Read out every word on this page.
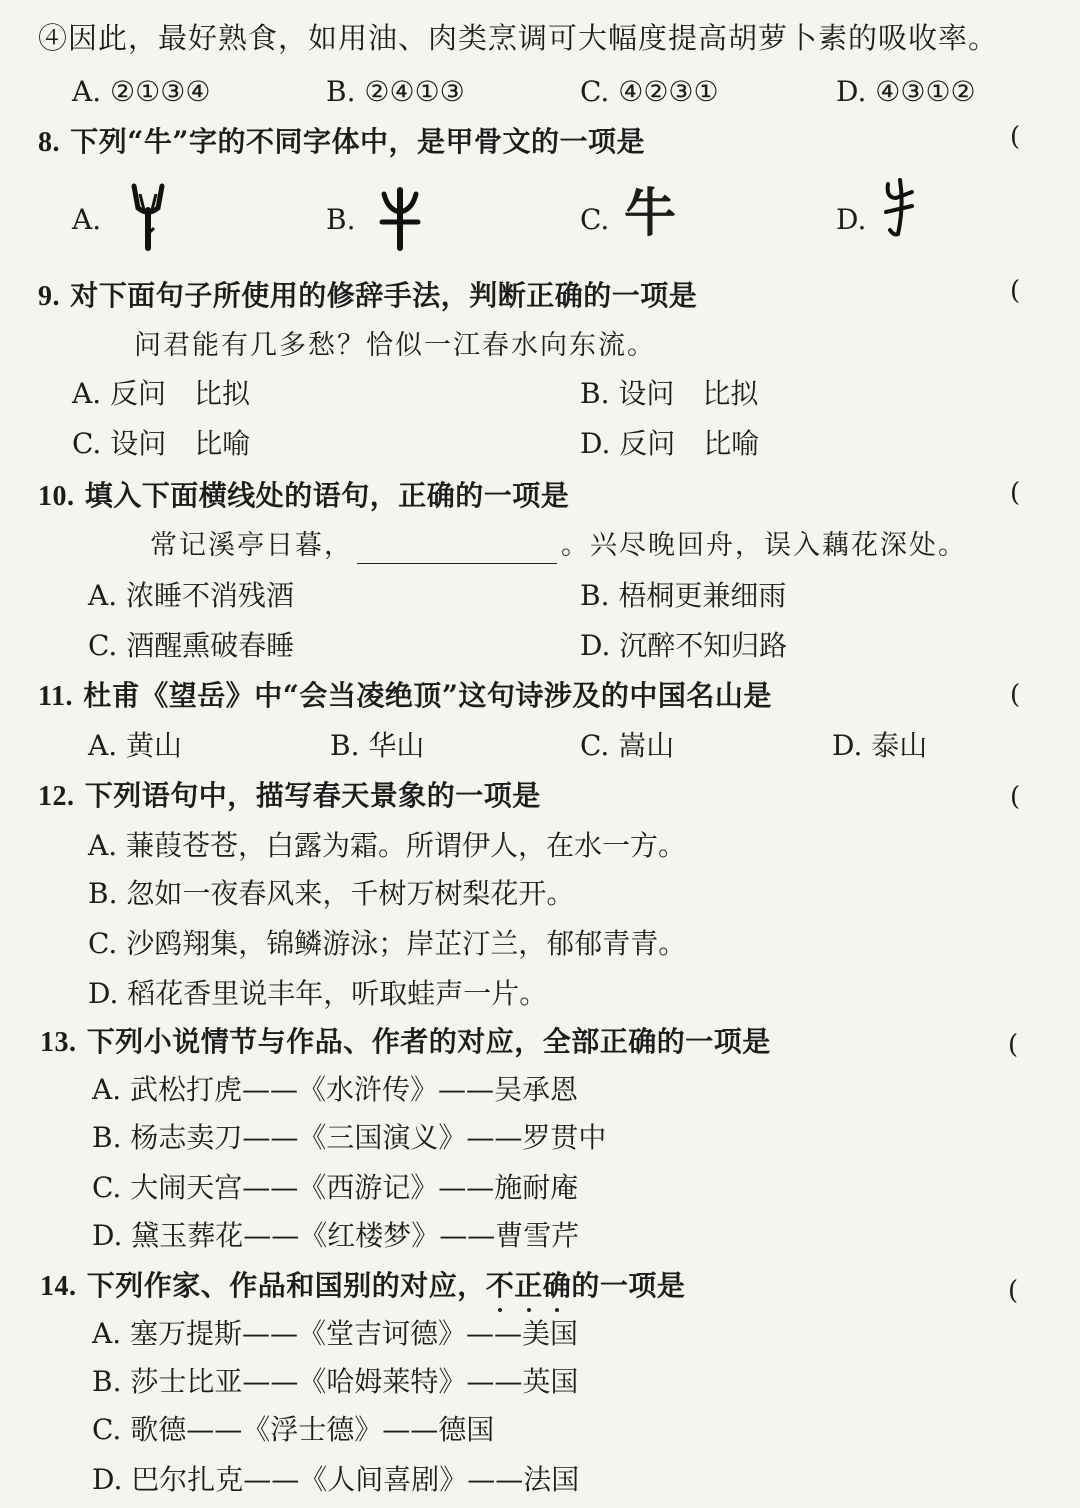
④因此，最好熟食，如用油、肉类烹调可大幅度提高胡萝卜素的吸收率。
A. ②①③④	B. ②④①③	C. ④②③①	D. ④③①②
8. 下列“牛”字的不同字体中，是甲骨文的一项是	(
A.	B.	C. 牛	D.
9. 对下面句子所使用的修辞手法，判断正确的一项是	(
问君能有几多愁？恰似一江春水向东流。
A. 反问　比拟	B. 设问　比拟
C. 设问　比喻	D. 反问　比喻
10. 填入下面横线处的语句，正确的一项是	(
常记溪亭日暮，	。兴尽晚回舟，误入藕花深处。
A. 浓睡不消残酒	B. 梧桐更兼细雨
C. 酒醒熏破春睡	D. 沉醉不知归路
11. 杜甫《望岳》中“会当凌绝顶”这句诗涉及的中国名山是	(
A. 黄山	B. 华山	C. 嵩山	D. 泰山
12. 下列语句中，描写春天景象的一项是	(
A. 蒹葭苍苍，白露为霜。所谓伊人，在水一方。
B. 忽如一夜春风来，千树万树梨花开。
C. 沙鸥翔集，锦鳞游泳；岸芷汀兰，郁郁青青。
D. 稻花香里说丰年，听取蛙声一片。
13. 下列小说情节与作品、作者的对应，全部正确的一项是	(
A. 武松打虎——《水浒传》——吴承恩
B. 杨志卖刀——《三国演义》——罗贯中
C. 大闹天宫——《西游记》——施耐庵
D. 黛玉葬花——《红楼梦》——曹雪芹
14. 下列作家、作品和国别的对应，不正确的一项是	(
A. 塞万提斯——《堂吉诃德》——美国
B. 莎士比亚——《哈姆莱特》——英国
C. 歌德——《浮士德》——德国
D. 巴尔扎克——《人间喜剧》——法国
